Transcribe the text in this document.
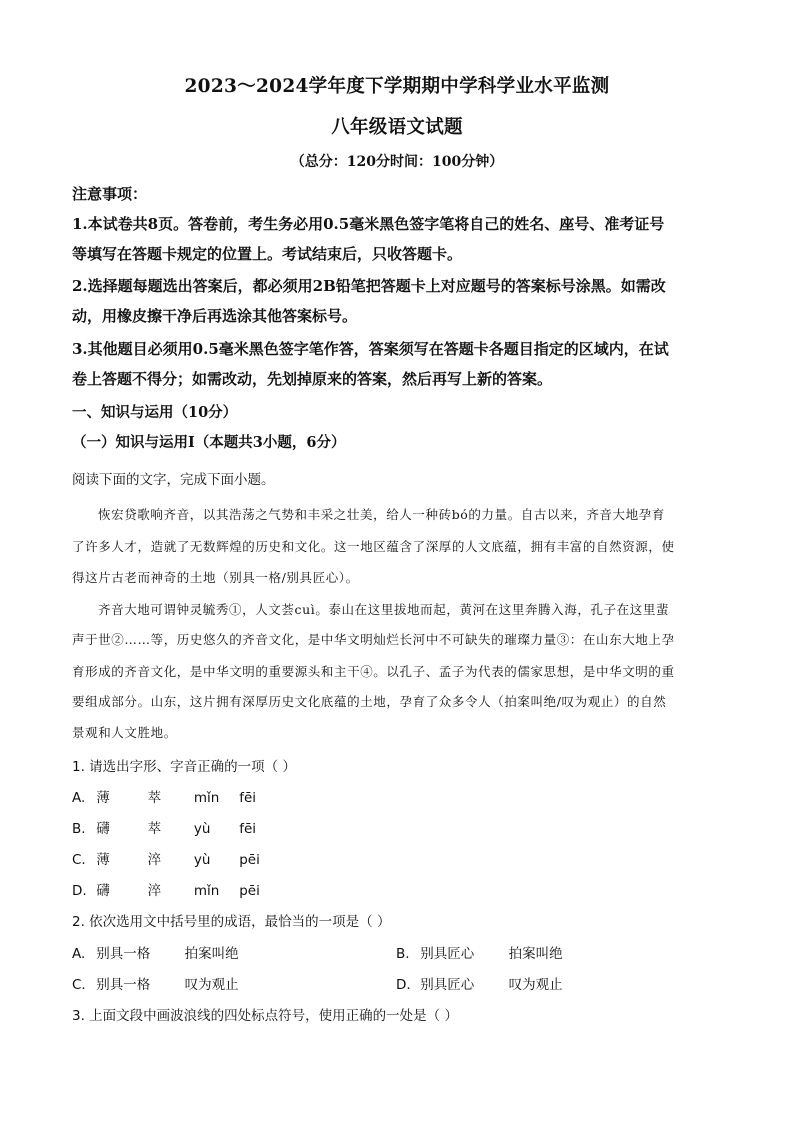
2023～2024学年度下学期期中学科学业水平监测
八年级语文试题
（总分：120分时间：100分钟）
注意事项：
1.本试卷共8页。答卷前，考生务必用0.5毫米黑色签字笔将自己的姓名、座号、准考证号
等填写在答题卡规定的位置上。考试结束后，只收答题卡。
2.选择题每题选出答案后，都必须用2B铅笔把答题卡上对应题号的答案标号涂黑。如需改
动，用橡皮擦干净后再选涂其他答案标号。
3.其他题目必须用0.5毫米黑色签字笔作答，答案须写在答题卡各题目指定的区域内，在试
卷上答题不得分；如需改动，先划掉原来的答案，然后再写上新的答案。
一、知识与运用（10分）
（一）知识与运用Ⅰ（本题共3小题，6分）
阅读下面的文字，完成下面小题。
恢宏贷歌响齐音，以其浩荡之气势和丰采之壮美，给人一种砖bó的力量。自古以来，齐音大地孕育
了许多人才，造就了无数辉煌的历史和文化。这一地区蕴含了深厚的人文底蕴，拥有丰富的自然资源，使
得这片古老而神奇的土地（别具一格/别具匠心）。
齐音大地可谓钟灵毓秀①，人文荟cuì。泰山在这里拔地而起，黄河在这里奔腾入海，孔子在这里蜚
声于世②……等，历史悠久的齐音文化，是中华文明灿烂长河中不可缺失的璀璨力量③：在山东大地上孕
育形成的齐音文化，是中华文明的重要源头和主干④。以孔子、孟子为代表的儒家思想，是中华文明的重
要组成部分。山东，这片拥有深厚历史文化底蕴的土地，孕育了众多令人（拍案叫绝/叹为观止）的自然
景观和人文胜地。
1. 请选出字形、字音正确的一项（ ）
A. 薄	萃 mǐn fēi
B. 礴	萃 yù fēi
C. 薄	淬 yù pēi
D. 礴	淬 mǐn pēi
2. 依次选用文中括号里的成语，最恰当的一项是（ ）
A. 别具一格	拍案叫绝	B. 别具匠心	拍案叫绝
C. 别具一格	叹为观止	D. 别具匠心	叹为观止
3. 上面文段中画波浪线的四处标点符号，使用正确的一处是（ ）
